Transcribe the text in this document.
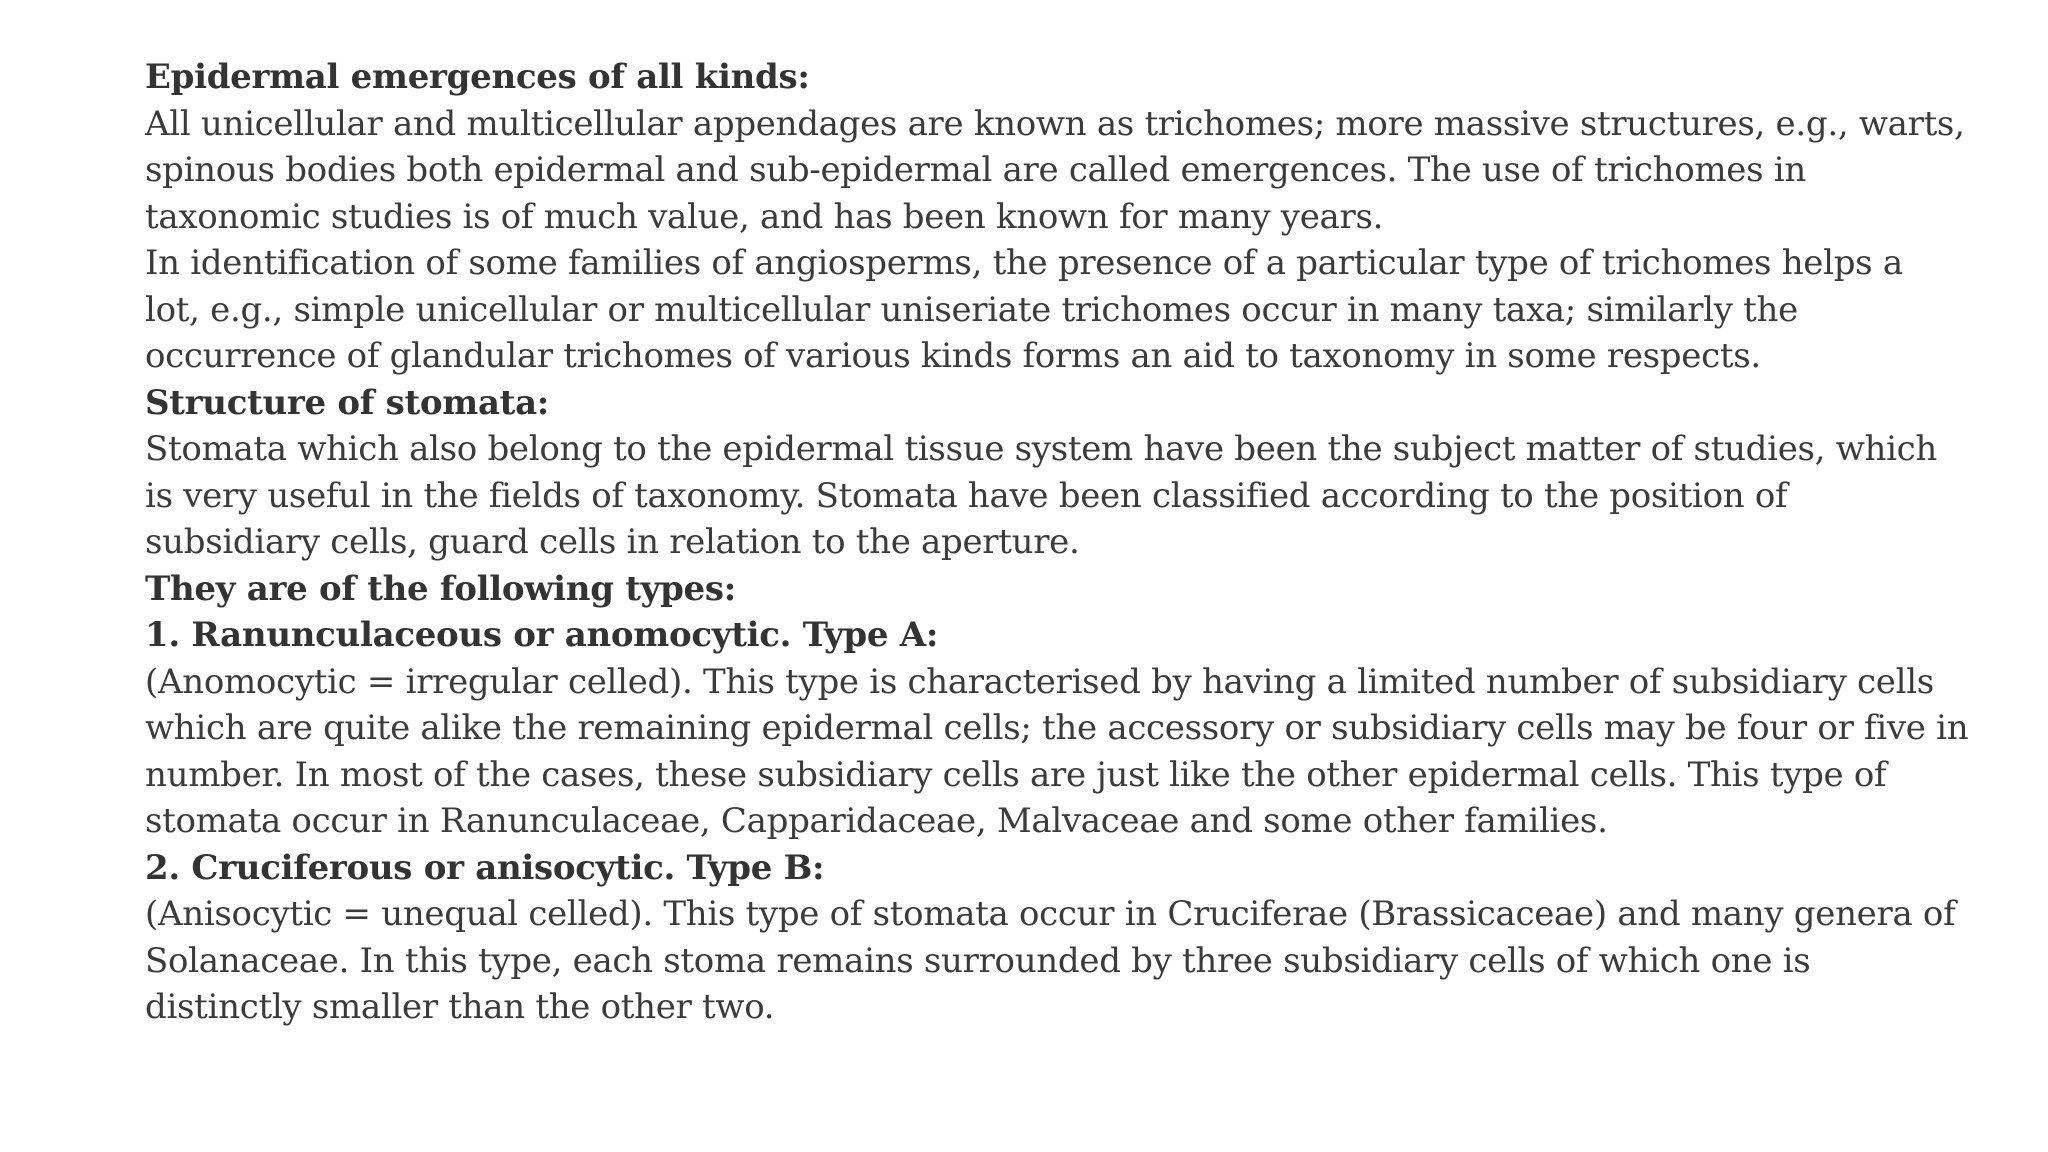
Epidermal emergences of all kinds:
All unicellular and multicellular appendages are known as trichomes; more massive structures, e.g., warts,
spinous bodies both epidermal and sub-epidermal are called emergences. The use of trichomes in
taxonomic studies is of much value, and has been known for many years.
In identification of some families of angiosperms, the presence of a particular type of trichomes helps a
lot, e.g., simple unicellular or multicellular uniseriate trichomes occur in many taxa; similarly the
occurrence of glandular trichomes of various kinds forms an aid to taxonomy in some respects.
Structure of stomata:
Stomata which also belong to the epidermal tissue system have been the subject matter of studies, which
is very useful in the fields of taxonomy. Stomata have been classified according to the position of
subsidiary cells, guard cells in relation to the aperture.
They are of the following types:
1. Ranunculaceous or anomocytic. Type A:
(Anomocytic = irregular celled). This type is characterised by having a limited number of subsidiary cells
which are quite alike the remaining epidermal cells; the accessory or subsidiary cells may be four or five in
number. In most of the cases, these subsidiary cells are just like the other epidermal cells. This type of
stomata occur in Ranunculaceae, Capparidaceae, Malvaceae and some other families.
2. Cruciferous or anisocytic. Type B:
(Anisocytic = unequal celled). This type of stomata occur in Cruciferae (Brassicaceae) and many genera of
Solanaceae. In this type, each stoma remains surrounded by three subsidiary cells of which one is
distinctly smaller than the other two.
